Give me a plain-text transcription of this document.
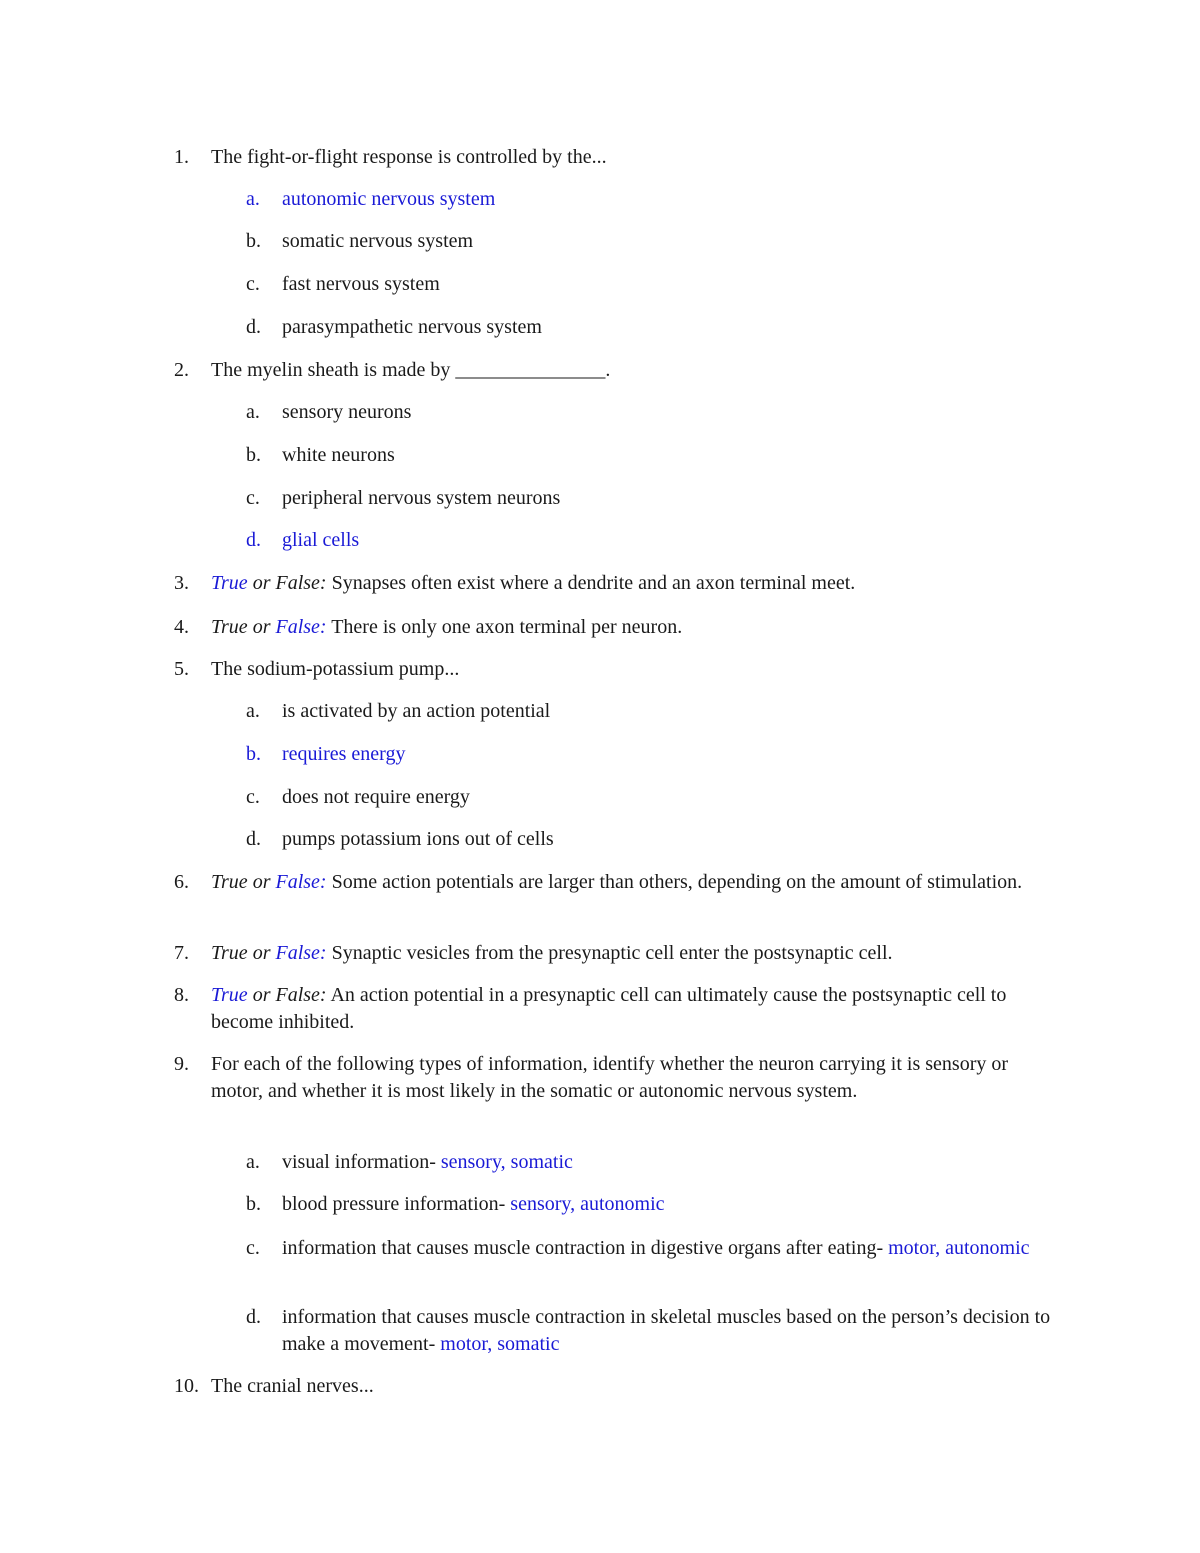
1.	The fight-or-flight response is controlled by the...
a.	autonomic nervous system
b.	somatic nervous system
c.	fast nervous system
d.	parasympathetic nervous system
2.	The myelin sheath is made by _______________.
a.	sensory neurons
b.	white neurons
c.	peripheral nervous system neurons
d.	glial cells
3.	True or False: Synapses often exist where a dendrite and an axon terminal meet.
4.	True or False: There is only one axon terminal per neuron.
5.	The sodium-potassium pump...
a.	is activated by an action potential
b.	requires energy
c.	does not require energy
d.	pumps potassium ions out of cells
6.	True or False: Some action potentials are larger than others, depending on the amount of stimulation.
7.	True or False: Synaptic vesicles from the presynaptic cell enter the postsynaptic cell.
8.	True or False: An action potential in a presynaptic cell can ultimately cause the postsynaptic cell to become inhibited.
9.	For each of the following types of information, identify whether the neuron carrying it is sensory or motor, and whether it is most likely in the somatic or autonomic nervous system.
a.	visual information- sensory, somatic
b.	blood pressure information- sensory, autonomic
c.	information that causes muscle contraction in digestive organs after eating- motor, autonomic
d.	information that causes muscle contraction in skeletal muscles based on the person’s decision to make a movement- motor, somatic
10. The cranial nerves...
